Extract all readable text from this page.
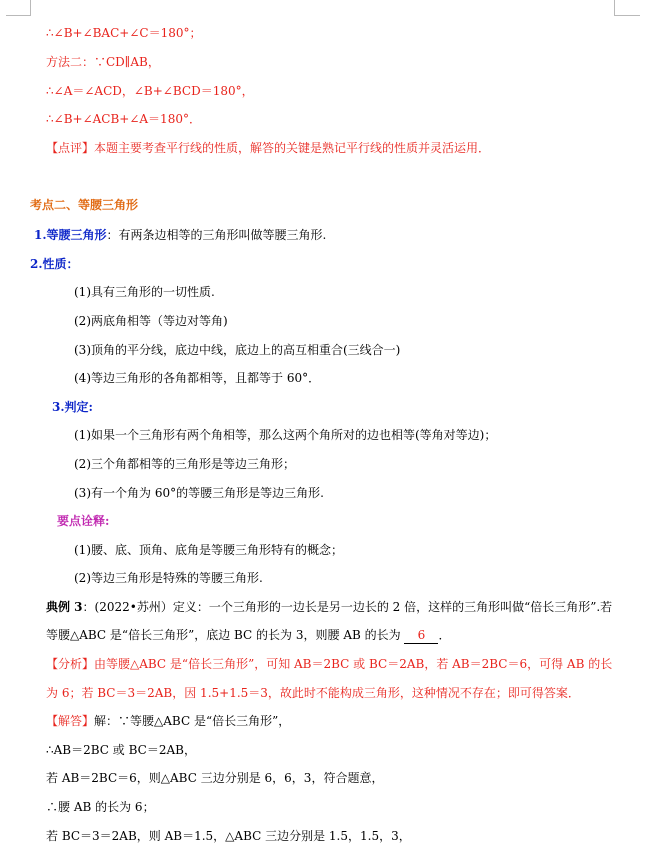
∴∠B+∠BAC+∠C＝180°；
方法二：∵CD∥AB，
∴∠A＝∠ACD，∠B+∠BCD＝180°，
∴∠B+∠ACB+∠A＝180°．
【点评】本题主要考查平行线的性质，解答的关键是熟记平行线的性质并灵活运用．
考点二、等腰三角形
1.等腰三角形：有两条边相等的三角形叫做等腰三角形.
2.性质：
(1)具有三角形的一切性质.
(2)两底角相等（等边对等角)
(3)顶角的平分线，底边中线，底边上的高互相重合(三线合一)
(4)等边三角形的各角都相等，且都等于 60°．
3.判定:
(1)如果一个三角形有两个角相等，那么这两个角所对的边也相等(等角对等边)；
(2)三个角都相等的三角形是等边三角形；
(3)有一个角为 60°的等腰三角形是等边三角形.
要点诠释:
(1)腰、底、顶角、底角是等腰三角形特有的概念；
(2)等边三角形是特殊的等腰三角形.
典例 3：(2022•苏州）定义：一个三角形的一边长是另一边长的 2 倍，这样的三角形叫做“倍长三角形”.若
等腰△ABC 是“倍长三角形”，底边 BC 的长为 3，则腰 AB 的长为 6 ．
【分析】由等腰△ABC 是“倍长三角形”，可知 AB＝2BC 或 BC＝2AB，若 AB＝2BC＝6，可得 AB 的长
为 6；若 BC＝3＝2AB，因 1.5+1.5＝3，故此时不能构成三角形，这种情况不存在；即可得答案．
【解答】解：∵等腰△ABC 是“倍长三角形”，
∴AB＝2BC 或 BC＝2AB，
若 AB＝2BC＝6，则△ABC 三边分别是 6，6，3，符合题意，
∴腰 AB 的长为 6；
若 BC＝3＝2AB，则 AB＝1.5，△ABC 三边分别是 1.5，1.5，3，
